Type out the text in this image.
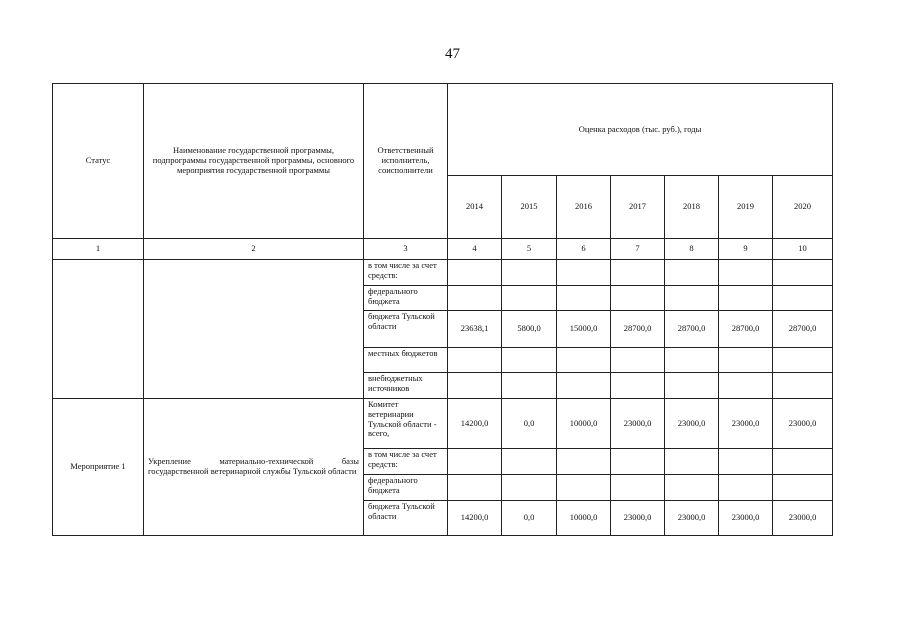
47
Статус	Наименование государственной программы, подпрограммы государственной программы, основного мероприятия государственной программы	Ответственный исполнитель, соисполнители	Оценка расходов (тыс. руб.), годы						
			2014	2015	2016	2017	2018	2019	2020
1	2	3	4	5	6	7	8	9	10
		в том числе за счет средств:							
		федерального бюджета							
		бюджета Тульской области	23638,1	5800,0	15000,0	28700,0	28700,0	28700,0	28700,0
		местных бюджетов							
		внебюджетных источников							
Мероприятие 1	Укрепление материально-технической базы государственной ветеринарной службы Тульской области	Комитет ветеринарии Тульской области - всего,	14200,0	0,0	10000,0	23000,0	23000,0	23000,0	23000,0
		в том числе за счет средств:							
		федерального бюджета							
		бюджета Тульской области	14200,0	0,0	10000,0	23000,0	23000,0	23000,0	23000,0
